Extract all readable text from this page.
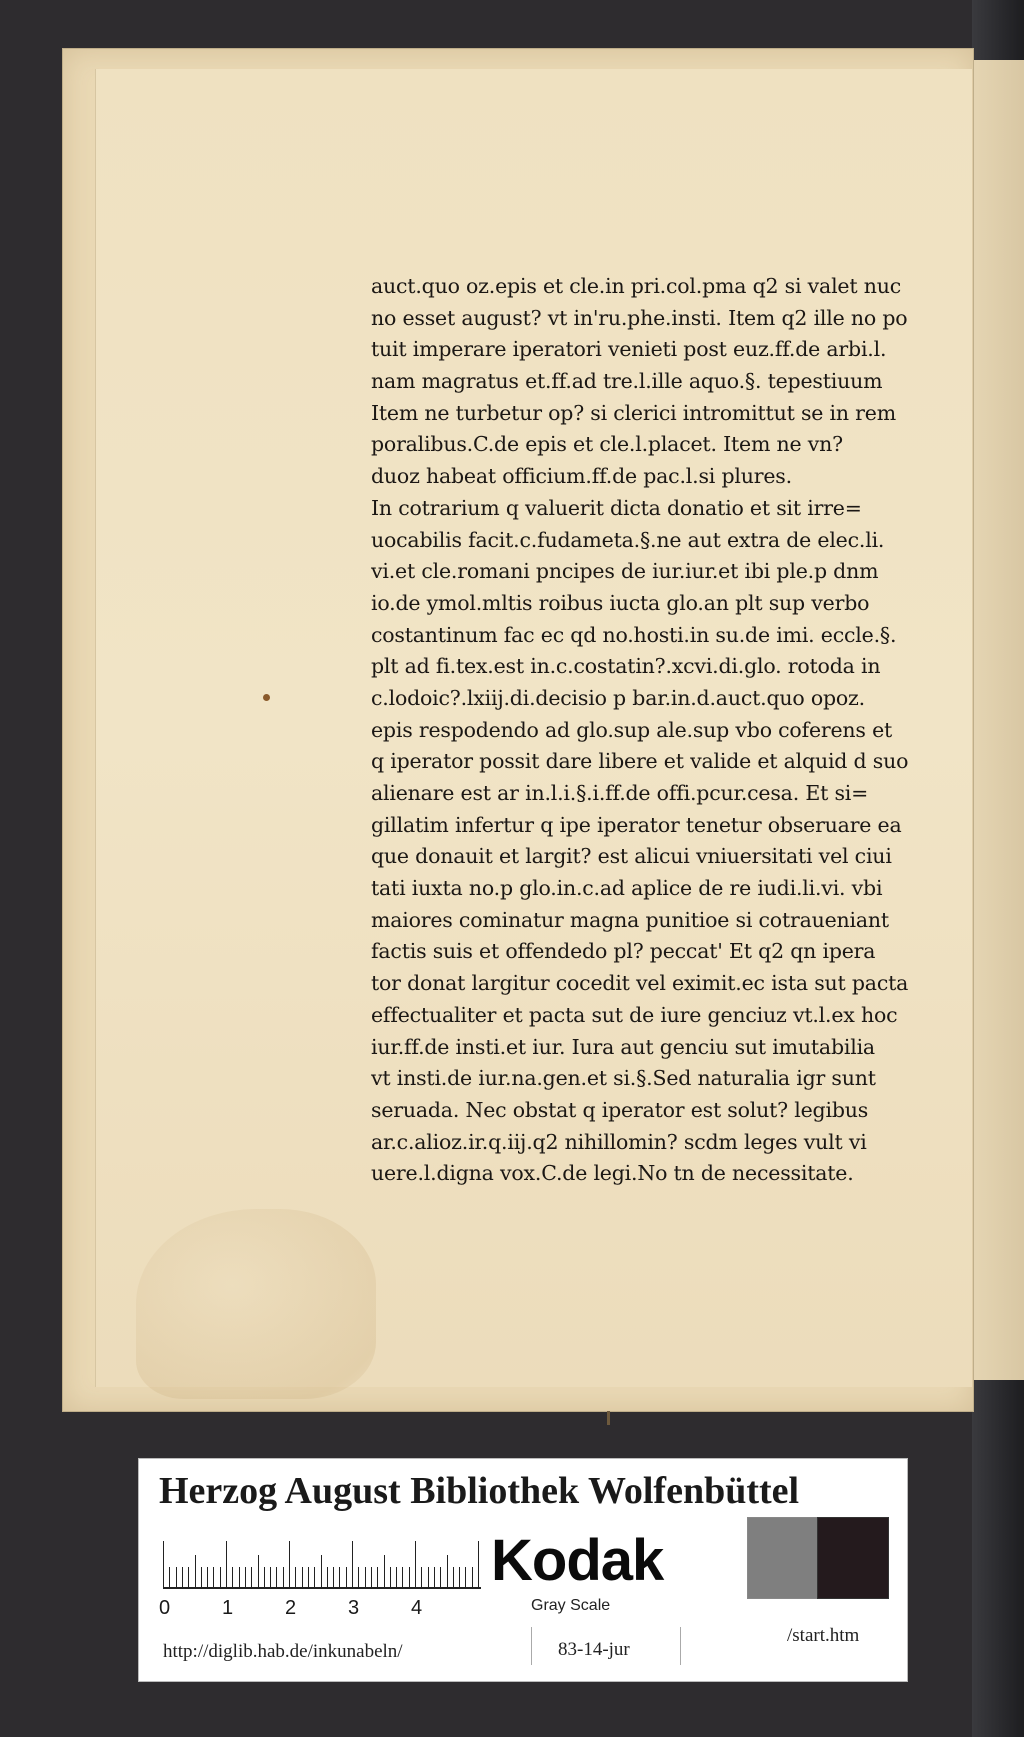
auct.quo oz.epis et cle.in pri.col.pma q2 si valet nuc
no esset august? vt in'ru.phe.insti. Item q2 ille no po
tuit imperare iperatori venieti post euz.ff.de arbi.l.
nam magratus et.ff.ad tre.l.ille aquo.§. tepestiuum
Item ne turbetur op? si clerici intromittut se in rem
poralibus.C.de epis et cle.l.placet. Item ne vn?
duoz habeat officium.ff.de pac.l.si plures.
In cotrarium q valuerit dicta donatio et sit irre=
uocabilis facit.c.fudameta.§.ne aut extra de elec.li.
vi.et cle.romani pncipes de iur.iur.et ibi ple.p dnm
io.de ymol.mltis roibus iucta glo.an plt sup verbo
costantinum fac ec qd no.hosti.in su.de imi. eccle.§.
plt ad fi.tex.est in.c.costatin?.xcvi.di.glo. rotoda in
c.lodoic?.lxiij.di.decisio p bar.in.d.auct.quo opoz.
epis respodendo ad glo.sup ale.sup vbo coferens et
q iperator possit dare libere et valide et alquid d suo
alienare est ar in.l.i.§.i.ff.de offi.pcur.cesa. Et si=
gillatim infertur q ipe iperator tenetur obseruare ea
que donauit et largit? est alicui vniuersitati vel ciui
tati iuxta no.p glo.in.c.ad aplice de re iudi.li.vi. vbi
maiores cominatur magna punitioe si cotraueniant
factis suis et offendedo pl? peccat' Et q2 qn ipera
tor donat largitur cocedit vel eximit.ec ista sut pacta
effectualiter et pacta sut de iure genciuz vt.l.ex hoc
iur.ff.de insti.et iur. Iura aut genciu sut imutabilia
vt insti.de iur.na.gen.et si.§.Sed naturalia igr sunt
seruada. Nec obstat q iperator est solut? legibus
ar.c.alioz.ir.q.iij.q2 nihillomin? scdm leges vult vi
uere.l.digna vox.C.de legi.No tn de necessitate.
Herzog August Bibliothek Wolfenbüttel
0	1	2	3	4
Kodak
Gray Scale
http://diglib.hab.de/inkunabeln/	83-14-jur
/start.htm
